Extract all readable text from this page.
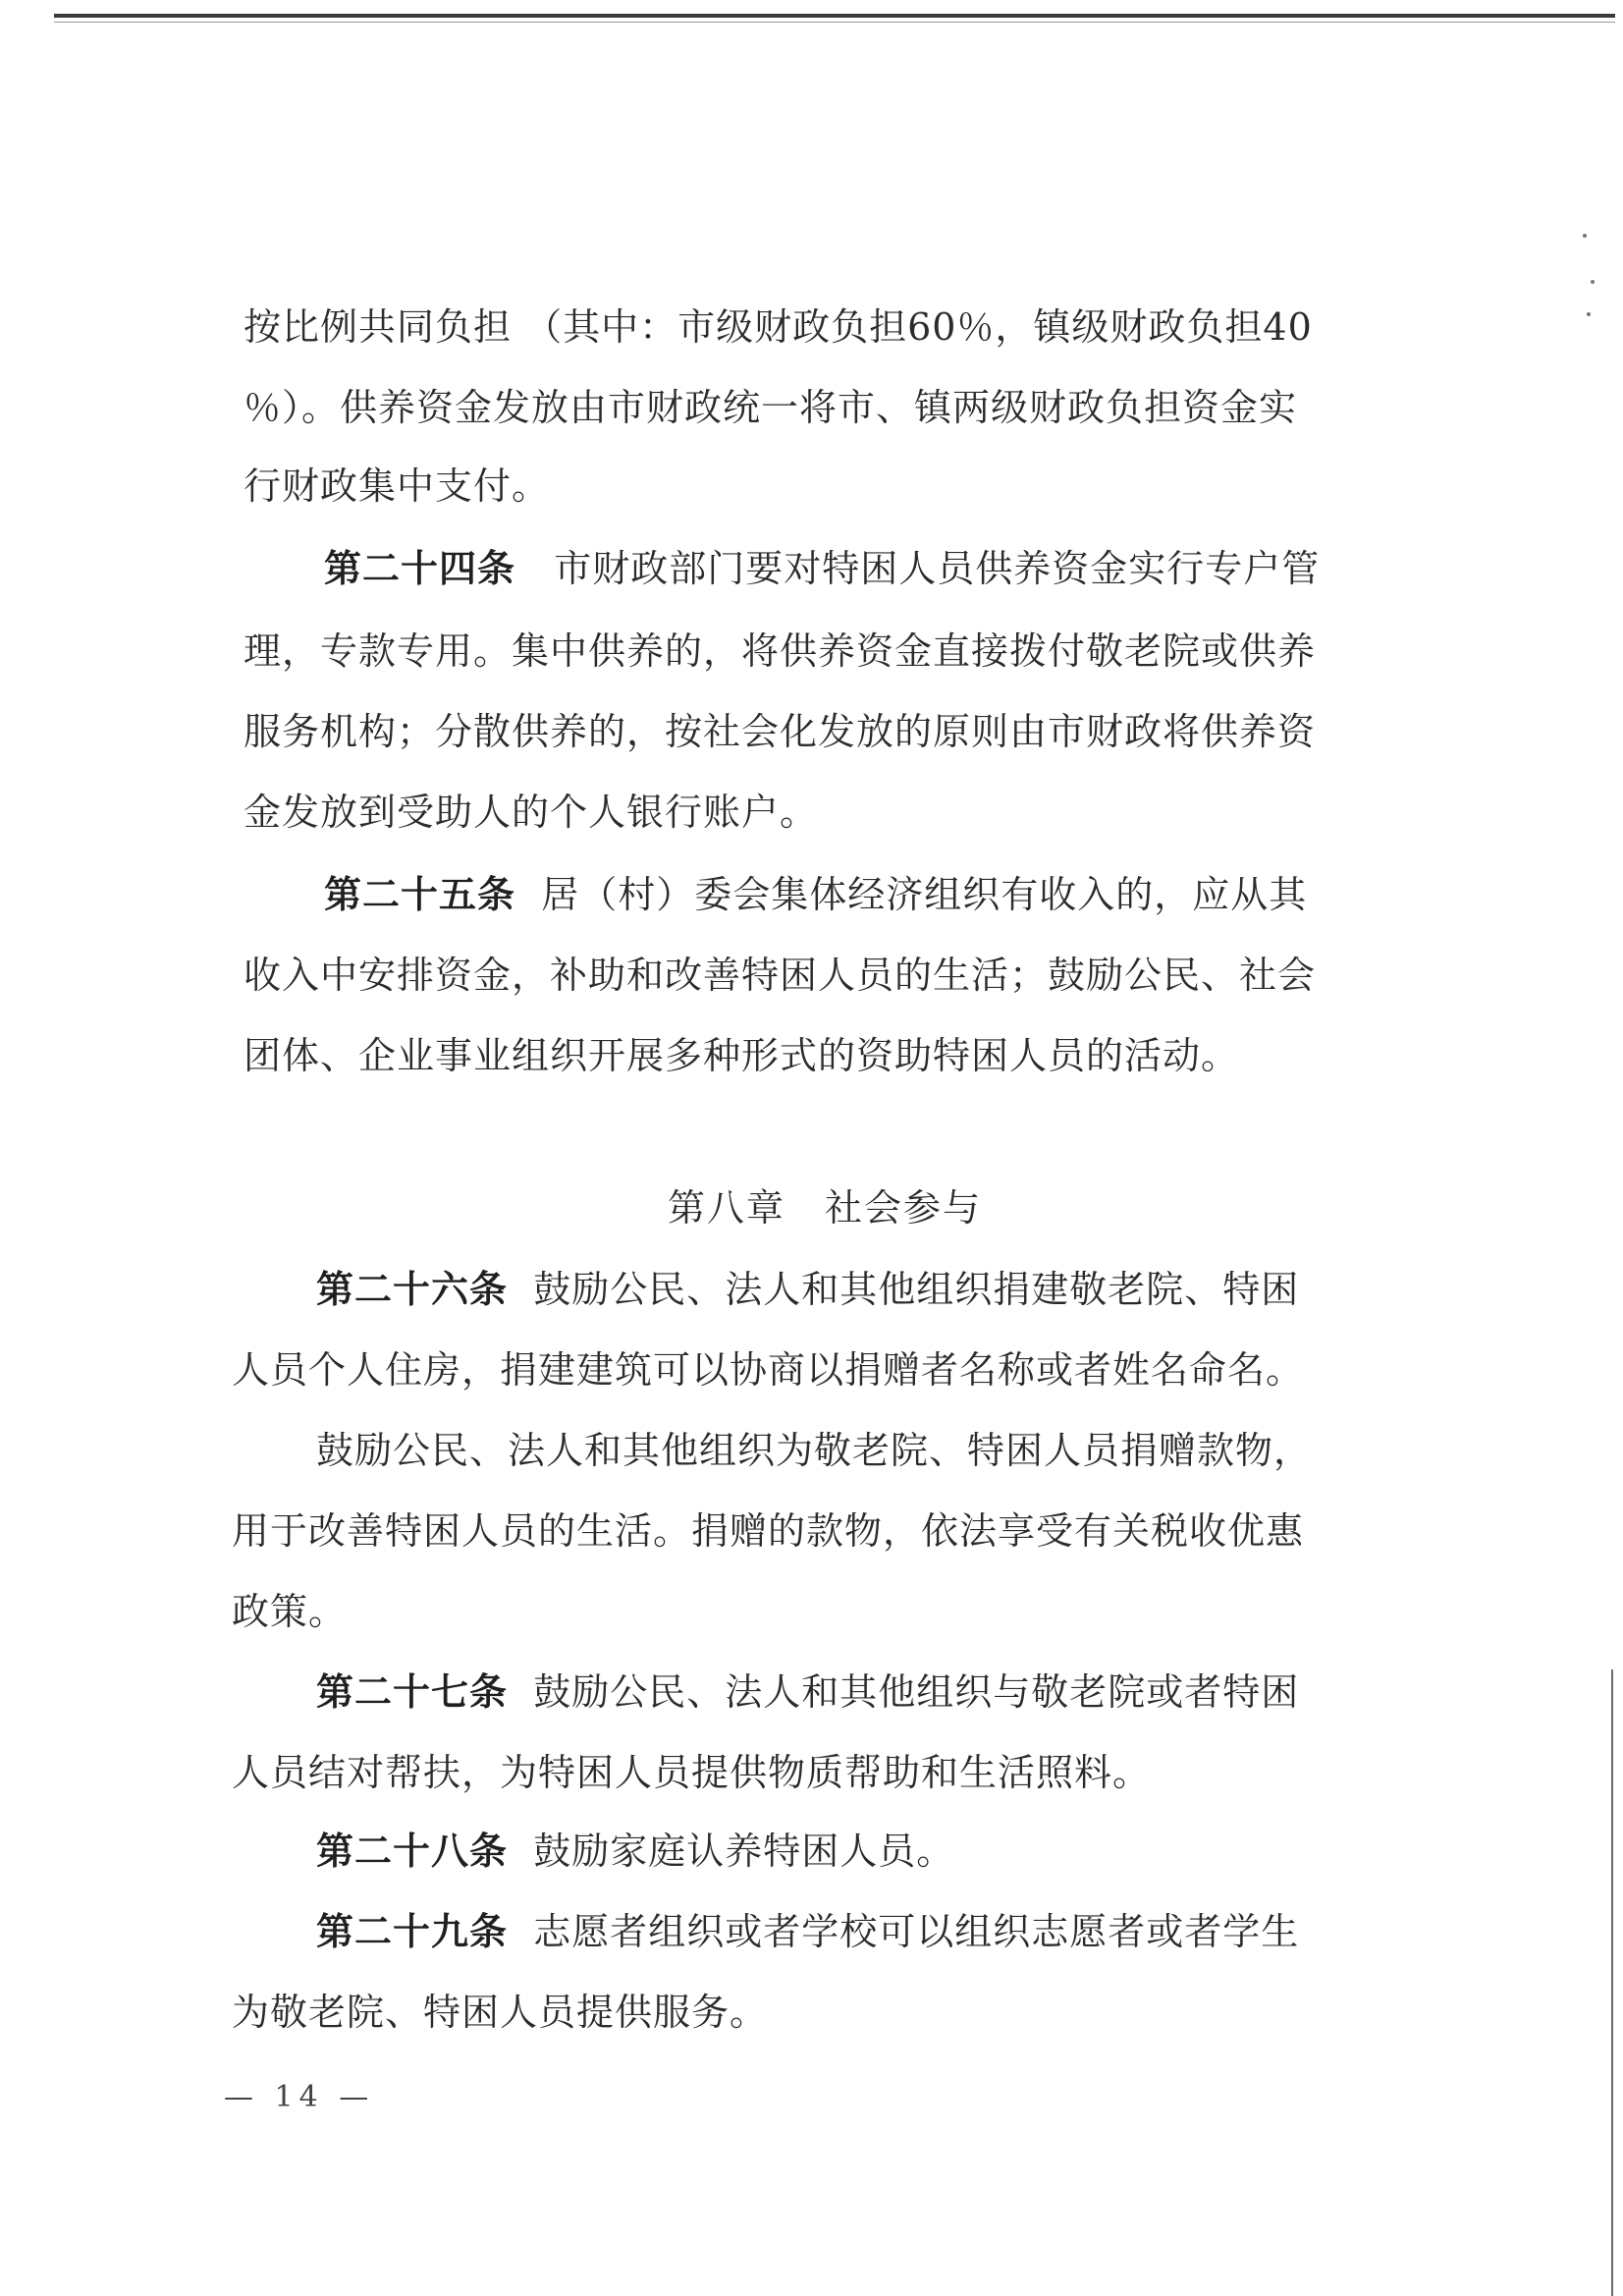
按比例共同负担 （其中：市级财政负担60％，镇级财政负担40
％）。供养资金发放由市财政统一将市、镇两级财政负担资金实
行财政集中支付。
第二十四条 市财政部门要对特困人员供养资金实行专户管
理，专款专用。集中供养的，将供养资金直接拨付敬老院或供养
服务机构；分散供养的，按社会化发放的原则由市财政将供养资
金发放到受助人的个人银行账户。
第二十五条 居（村）委会集体经济组织有收入的，应从其
收入中安排资金，补助和改善特困人员的生活；鼓励公民、社会
团体、企业事业组织开展多种形式的资助特困人员的活动。
第八章　社会参与
第二十六条 鼓励公民、法人和其他组织捐建敬老院、特困
人员个人住房，捐建建筑可以协商以捐赠者名称或者姓名命名。
鼓励公民、法人和其他组织为敬老院、特困人员捐赠款物，
用于改善特困人员的生活。捐赠的款物，依法享受有关税收优惠
政策。
第二十七条 鼓励公民、法人和其他组织与敬老院或者特困
人员结对帮扶，为特困人员提供物质帮助和生活照料。
第二十八条 鼓励家庭认养特困人员。
第二十九条 志愿者组织或者学校可以组织志愿者或者学生
为敬老院、特困人员提供服务。
— 14 —
